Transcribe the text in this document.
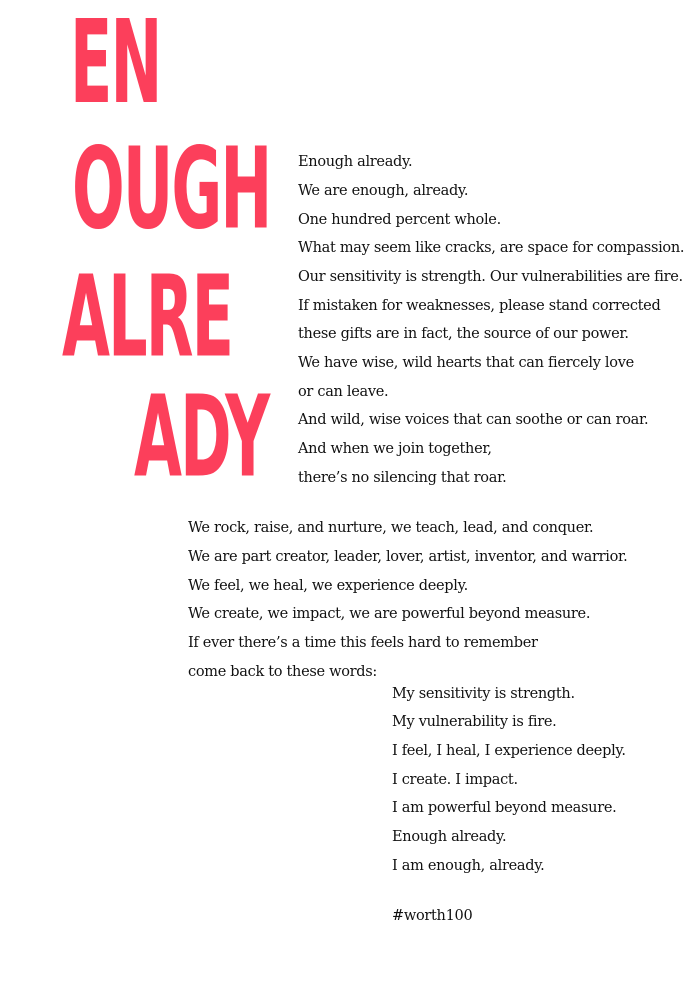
EN
OUGH
ALRE
ADY

Enough already.

We are enough, already.

One hundred percent whole.

What may seem like cracks, are space for compassion.

Our sensitivity is strength. Our vulnerabilities are fire.

If mistaken for weaknesses, please stand corrected

these gifts are in fact, the source of our power.

We have wise, wild hearts that can fiercely love

or can leave.

And wild, wise voices that can soothe or can roar.

And when we join together,

there’s no silencing that roar.

We rock, raise, and nurture, we teach, lead, and conquer.

We are part creator, leader, lover, artist, inventor, and warrior.

We feel, we heal, we experience deeply.

We create, we impact, we are powerful beyond measure.

If ever there’s a time this feels hard to remember

come back to these words:

My sensitivity is strength.

My vulnerability is fire.

I feel, I heal, I experience deeply.

I create. I impact.

I am powerful beyond measure.

Enough already.

I am enough, already.

#worth100
